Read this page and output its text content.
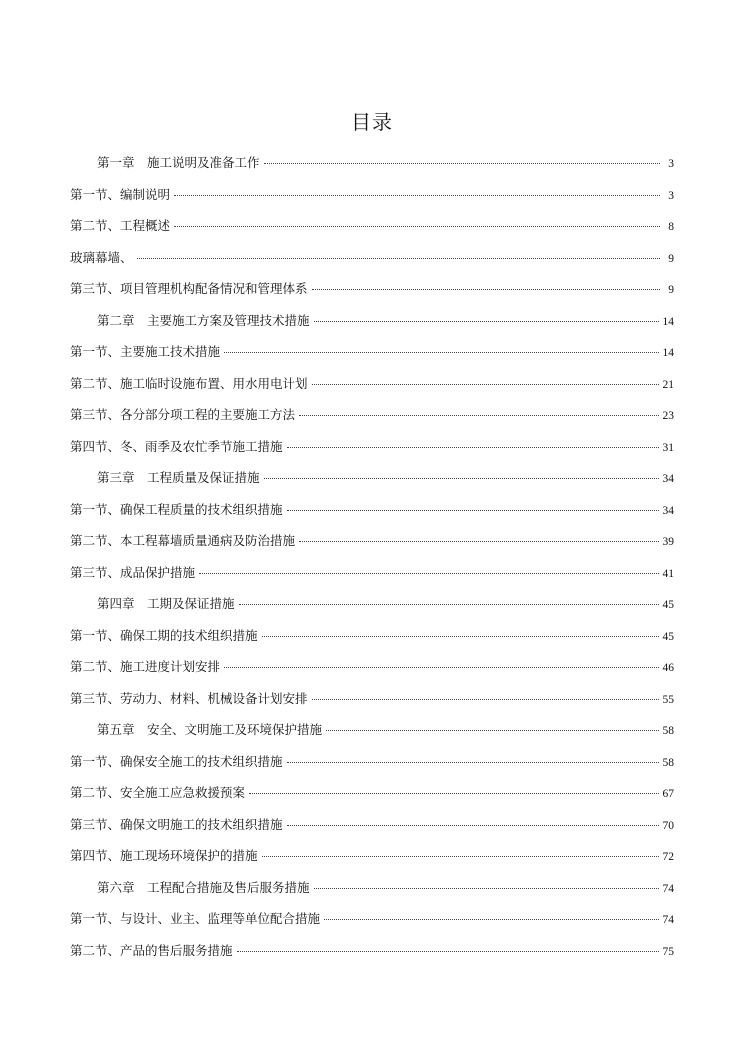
目录
第一章　施工说明及准备工作	3
第一节、编制说明	3
第二节、工程概述	8
玻璃幕墙、	9
第三节、项目管理机构配备情况和管理体系	9
第二章　主要施工方案及管理技术措施	14
第一节、主要施工技术措施	14
第二节、施工临时设施布置、用水用电计划	21
第三节、各分部分项工程的主要施工方法	23
第四节、冬、雨季及农忙季节施工措施	31
第三章　工程质量及保证措施	34
第一节、确保工程质量的技术组织措施	34
第二节、本工程幕墙质量通病及防治措施	39
第三节、成品保护措施	41
第四章　工期及保证措施	45
第一节、确保工期的技术组织措施	45
第二节、施工进度计划安排	46
第三节、劳动力、材料、机械设备计划安排	55
第五章　安全、文明施工及环境保护措施	58
第一节、确保安全施工的技术组织措施	58
第二节、安全施工应急救援预案	67
第三节、确保文明施工的技术组织措施	70
第四节、施工现场环境保护的措施	72
第六章　工程配合措施及售后服务措施	74
第一节、与设计、业主、监理等单位配合措施	74
第二节、产品的售后服务措施	75
